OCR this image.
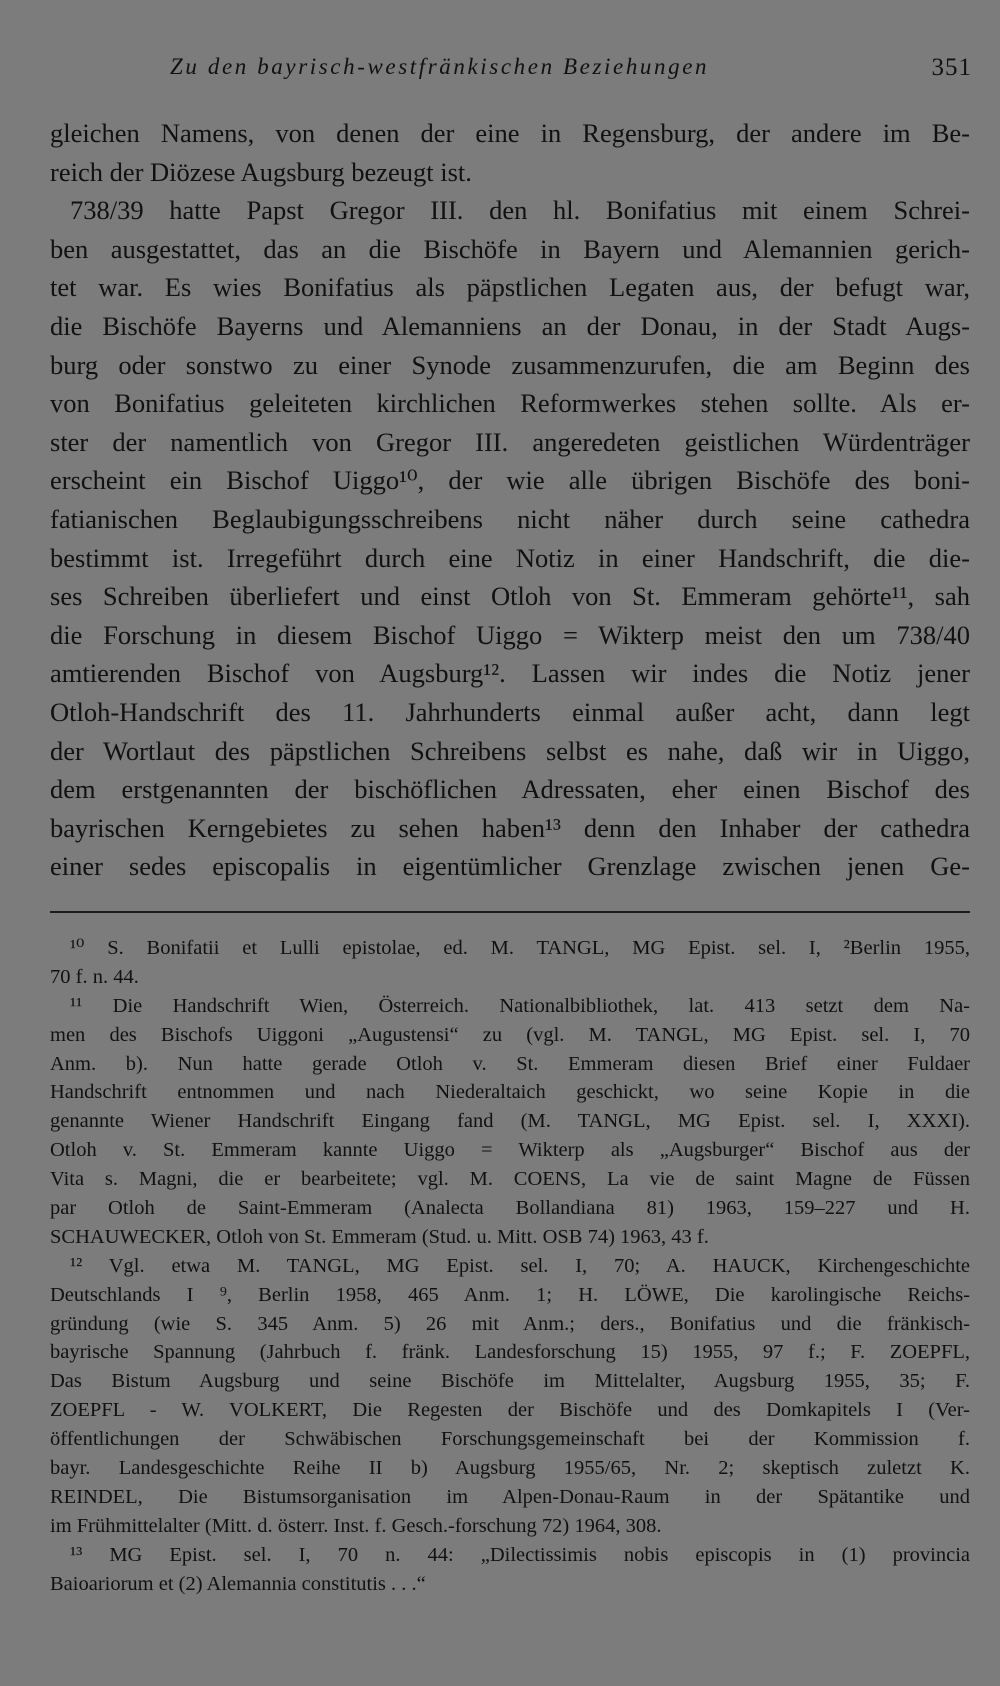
Zu den bayrisch-westfränkischen Beziehungen	351
gleichen Namens, von denen der eine in Regensburg, der andere im Be-
reich der Diözese Augsburg bezeugt ist.
738/39 hatte Papst Gregor III. den hl. Bonifatius mit einem Schrei-
ben ausgestattet, das an die Bischöfe in Bayern und Alemannien gerich-
tet war. Es wies Bonifatius als päpstlichen Legaten aus, der befugt war,
die Bischöfe Bayerns und Alemanniens an der Donau, in der Stadt Augs-
burg oder sonstwo zu einer Synode zusammenzurufen, die am Beginn des
von Bonifatius geleiteten kirchlichen Reformwerkes stehen sollte. Als er-
ster der namentlich von Gregor III. angeredeten geistlichen Würdenträger
erscheint ein Bischof Uiggo¹⁰, der wie alle übrigen Bischöfe des boni-
fatianischen Beglaubigungsschreibens nicht näher durch seine cathedra
bestimmt ist. Irregeführt durch eine Notiz in einer Handschrift, die die-
ses Schreiben überliefert und einst Otloh von St. Emmeram gehörte¹¹, sah
die Forschung in diesem Bischof Uiggo = Wikterp meist den um 738/40
amtierenden Bischof von Augsburg¹². Lassen wir indes die Notiz jener
Otloh-Handschrift des 11. Jahrhunderts einmal außer acht, dann legt
der Wortlaut des päpstlichen Schreibens selbst es nahe, daß wir in Uiggo,
dem erstgenannten der bischöflichen Adressaten, eher einen Bischof des
bayrischen Kerngebietes zu sehen haben¹³ denn den Inhaber der cathedra
einer sedes episcopalis in eigentümlicher Grenzlage zwischen jenen Ge-
¹⁰ S. Bonifatii et Lulli epistolae, ed. M. TANGL, MG Epist. sel. I, ²Berlin 1955,
70 f. n. 44.
¹¹ Die Handschrift Wien, Österreich. Nationalbibliothek, lat. 413 setzt dem Na-
men des Bischofs Uiggoni „Augustensi“ zu (vgl. M. TANGL, MG Epist. sel. I, 70
Anm. b). Nun hatte gerade Otloh v. St. Emmeram diesen Brief einer Fuldaer
Handschrift entnommen und nach Niederaltaich geschickt, wo seine Kopie in die
genannte Wiener Handschrift Eingang fand (M. TANGL, MG Epist. sel. I, XXXI).
Otloh v. St. Emmeram kannte Uiggo = Wikterp als „Augsburger“ Bischof aus der
Vita s. Magni, die er bearbeitete; vgl. M. COENS, La vie de saint Magne de Füssen
par Otloh de Saint-Emmeram (Analecta Bollandiana 81) 1963, 159–227 und H.
SCHAUWECKER, Otloh von St. Emmeram (Stud. u. Mitt. OSB 74) 1963, 43 f.
¹² Vgl. etwa M. TANGL, MG Epist. sel. I, 70; A. HAUCK, Kirchengeschichte
Deutschlands I ⁹, Berlin 1958, 465 Anm. 1; H. LÖWE, Die karolingische Reichs-
gründung (wie S. 345 Anm. 5) 26 mit Anm.; ders., Bonifatius und die fränkisch-
bayrische Spannung (Jahrbuch f. fränk. Landesforschung 15) 1955, 97 f.; F. ZOEPFL,
Das Bistum Augsburg und seine Bischöfe im Mittelalter, Augsburg 1955, 35; F.
ZOEPFL - W. VOLKERT, Die Regesten der Bischöfe und des Domkapitels I (Ver-
öffentlichungen der Schwäbischen Forschungsgemeinschaft bei der Kommission f.
bayr. Landesgeschichte Reihe II b) Augsburg 1955/65, Nr. 2; skeptisch zuletzt K.
REINDEL, Die Bistumsorganisation im Alpen-Donau-Raum in der Spätantike und
im Frühmittelalter (Mitt. d. österr. Inst. f. Gesch.-forschung 72) 1964, 308.
¹³ MG Epist. sel. I, 70 n. 44: „Dilectissimis nobis episcopis in (1) provincia
Baioariorum et (2) Alemannia constitutis . . .“
